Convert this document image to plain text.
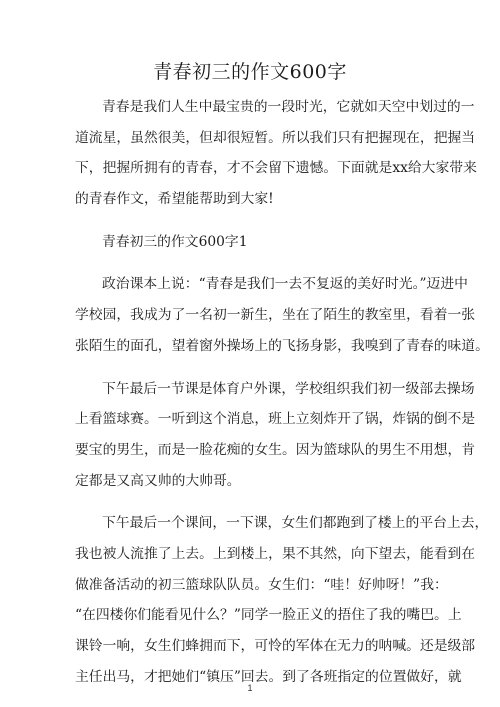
青春初三的作文600字
青春是我们人生中最宝贵的一段时光，它就如天空中划过的一
道流星，虽然很美，但却很短暂。所以我们只有把握现在，把握当
下，把握所拥有的青春，才不会留下遗憾。下面就是xx给大家带来
的青春作文，希望能帮助到大家!
青春初三的作文600字1
政治课本上说：“青春是我们一去不复返的美好时光。”迈进中
学校园，我成为了一名初一新生，坐在了陌生的教室里，看着一张
张陌生的面孔，望着窗外操场上的飞扬身影，我嗅到了青春的味道。
下午最后一节课是体育户外课，学校组织我们初一级部去操场
上看篮球赛。一听到这个消息，班上立刻炸开了锅，炸锅的倒不是
要宝的男生，而是一脸花痴的女生。因为篮球队的男生不用想，肯
定都是又高又帅的大帅哥。
下午最后一个课间，一下课，女生们都跑到了楼上的平台上去，
我也被人流推了上去。上到楼上，果不其然，向下望去，能看到在
做准备活动的初三篮球队队员。女生们：“哇！好帅呀！”我：
“在四楼你们能看见什么？”同学一脸正义的捂住了我的嘴巴。上
课铃一响，女生们蜂拥而下，可怜的军体在无力的呐喊。还是级部
主任出马，才把她们“镇压”回去。到了各班指定的位置做好，就
1
